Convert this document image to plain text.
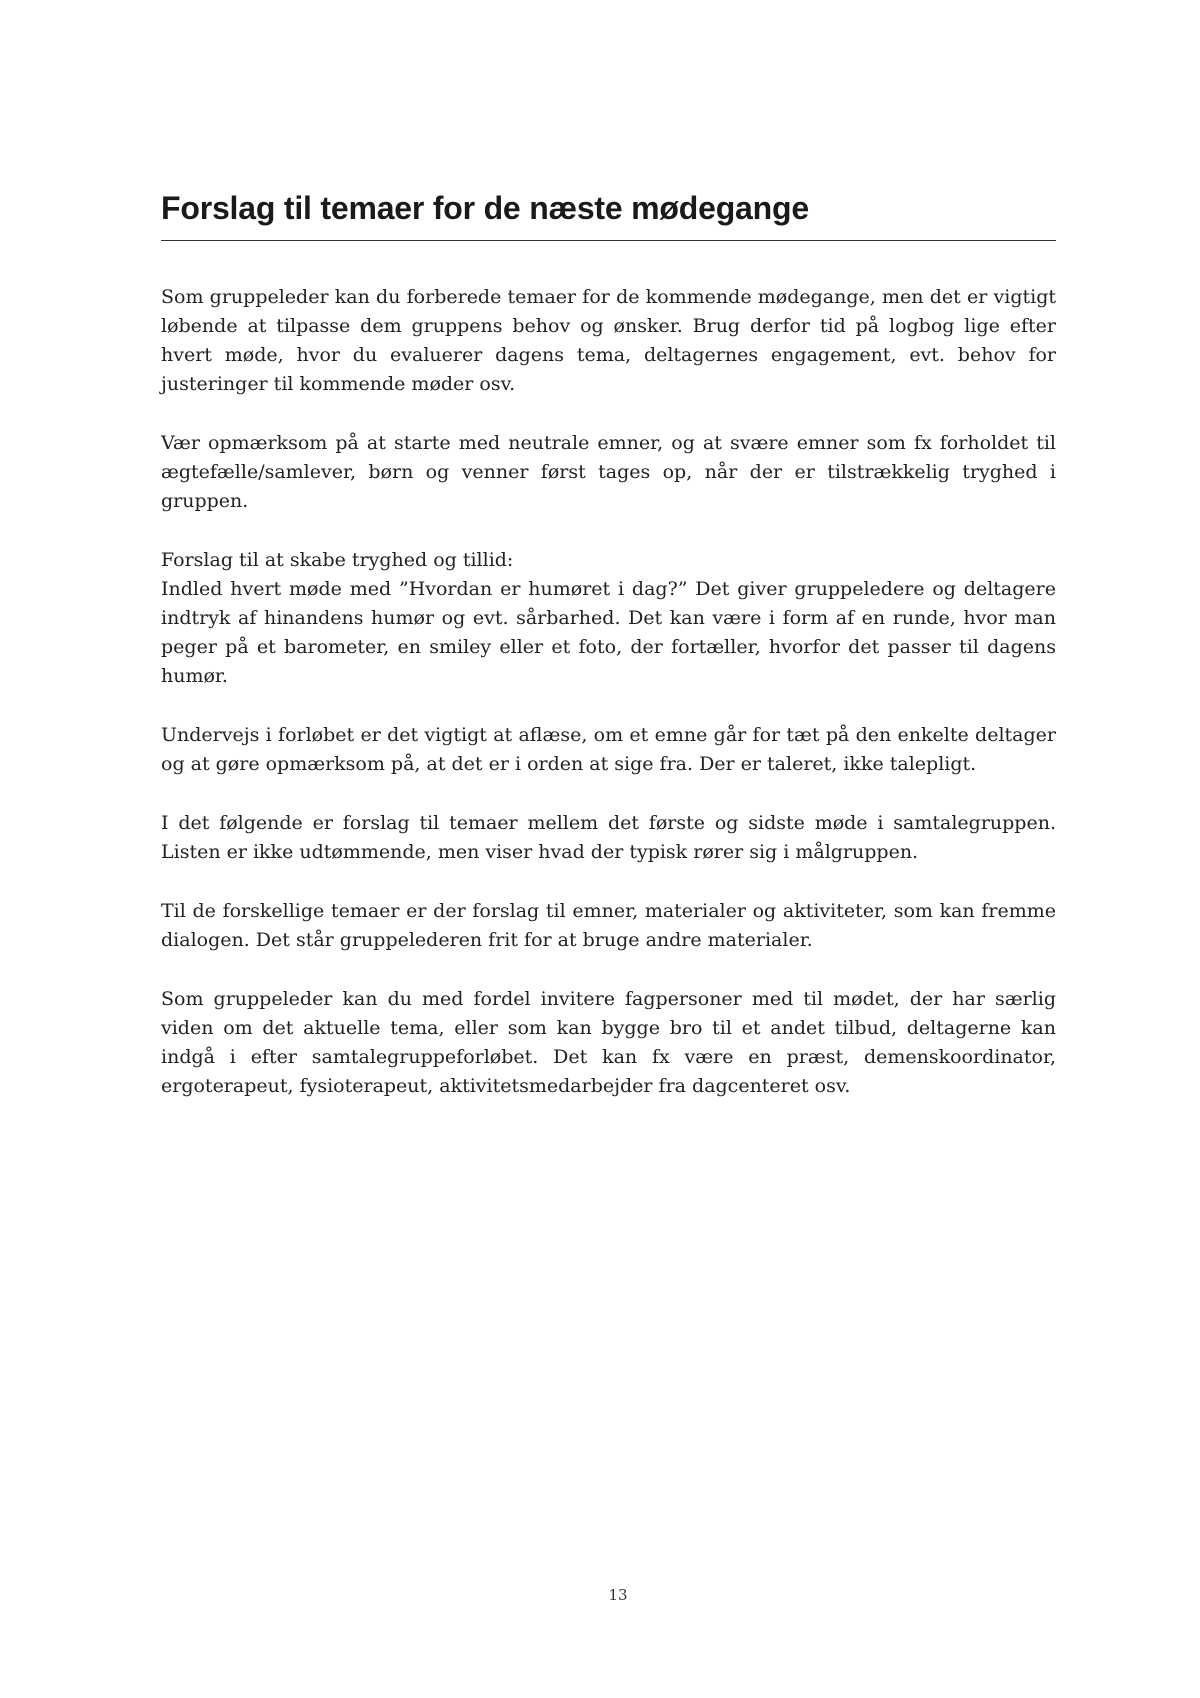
Forslag til temaer for de næste mødegange

Som gruppeleder kan du forberede temaer for de kommende mødegange, men det er vigtigt løbende at tilpasse dem gruppens behov og ønsker. Brug derfor tid på logbog lige efter hvert møde, hvor du evaluerer dagens tema, deltagernes engagement, evt. behov for justeringer til kommende møder osv.

Vær opmærksom på at starte med neutrale emner, og at svære emner som fx forholdet til ægtefælle/samlever, børn og venner først tages op, når der er tilstrækkelig tryghed i gruppen.

Forslag til at skabe tryghed og tillid:
Indled hvert møde med ”Hvordan er humøret i dag?” Det giver gruppeledere og deltagere indtryk af hinandens humør og evt. sårbarhed. Det kan være i form af en runde, hvor man peger på et barometer, en smiley eller et foto, der fortæller, hvorfor det passer til dagens humør.

Undervejs i forløbet er det vigtigt at aflæse, om et emne går for tæt på den enkelte deltager og at gøre opmærksom på, at det er i orden at sige fra. Der er taleret, ikke talepligt.

I det følgende er forslag til temaer mellem det første og sidste møde i samtalegruppen. Listen er ikke udtømmende, men viser hvad der typisk rører sig i målgruppen.

Til de forskellige temaer er der forslag til emner, materialer og aktiviteter, som kan fremme dialogen. Det står gruppelederen frit for at bruge andre materialer.

Som gruppeleder kan du med fordel invitere fagpersoner med til mødet, der har særlig viden om det aktuelle tema, eller som kan bygge bro til et andet tilbud, deltagerne kan indgå i efter samtalegruppeforløbet. Det kan fx være en præst, demenskoordinator, ergoterapeut, fysioterapeut, aktivitetsmedarbejder fra dagcenteret osv.

13
